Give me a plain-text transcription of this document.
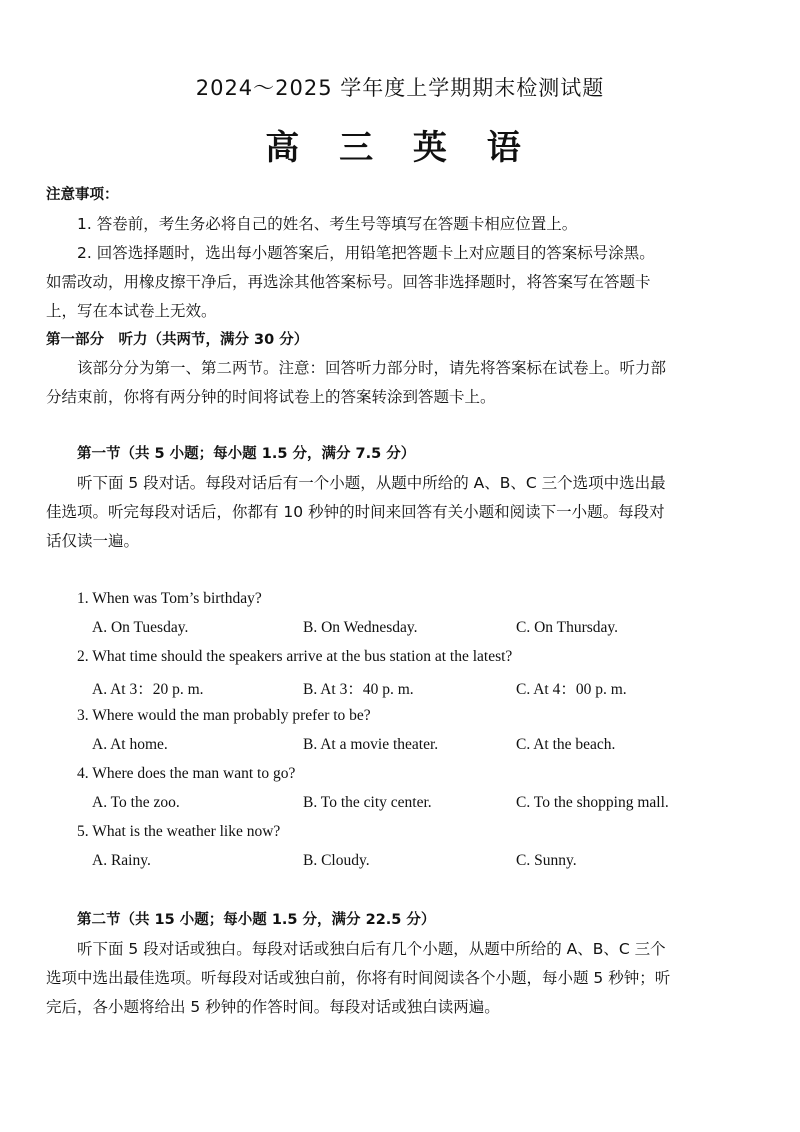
2024～2025 学年度上学期期末检测试题
高 三 英 语
注意事项：
1. 答卷前，考生务必将自己的姓名、考生号等填写在答题卡相应位置上。
2. 回答选择题时，选出每小题答案后，用铅笔把答题卡上对应题目的答案标号涂黑。
如需改动，用橡皮擦干净后，再选涂其他答案标号。回答非选择题时，将答案写在答题卡
上，写在本试卷上无效。
第一部分　听力（共两节，满分 30 分）
该部分分为第一、第二两节。注意：回答听力部分时，请先将答案标在试卷上。听力部
分结束前，你将有两分钟的时间将试卷上的答案转涂到答题卡上。
第一节（共 5 小题；每小题 1.5 分，满分 7.5 分）
听下面 5 段对话。每段对话后有一个小题，从题中所给的 A、B、C 三个选项中选出最
佳选项。听完每段对话后，你都有 10 秒钟的时间来回答有关小题和阅读下一小题。每段对
话仅读一遍。
1. When was Tom’s birthday?
A. On Tuesday.	B. On Wednesday.	C. On Thursday.
2. What time should the speakers arrive at the bus station at the latest?
A. At 3：20 p. m.	B. At 3：40 p. m.	C. At 4：00 p. m.
3. Where would the man probably prefer to be?
A. At home.	B. At a movie theater.	C. At the beach.
4. Where does the man want to go?
A. To the zoo.	B. To the city center.	C. To the shopping mall.
5. What is the weather like now?
A. Rainy.	B. Cloudy.	C. Sunny.
第二节（共 15 小题；每小题 1.5 分，满分 22.5 分）
听下面 5 段对话或独白。每段对话或独白后有几个小题，从题中所给的 A、B、C 三个
选项中选出最佳选项。听每段对话或独白前，你将有时间阅读各个小题，每小题 5 秒钟；听
完后，各小题将给出 5 秒钟的作答时间。每段对话或独白读两遍。
